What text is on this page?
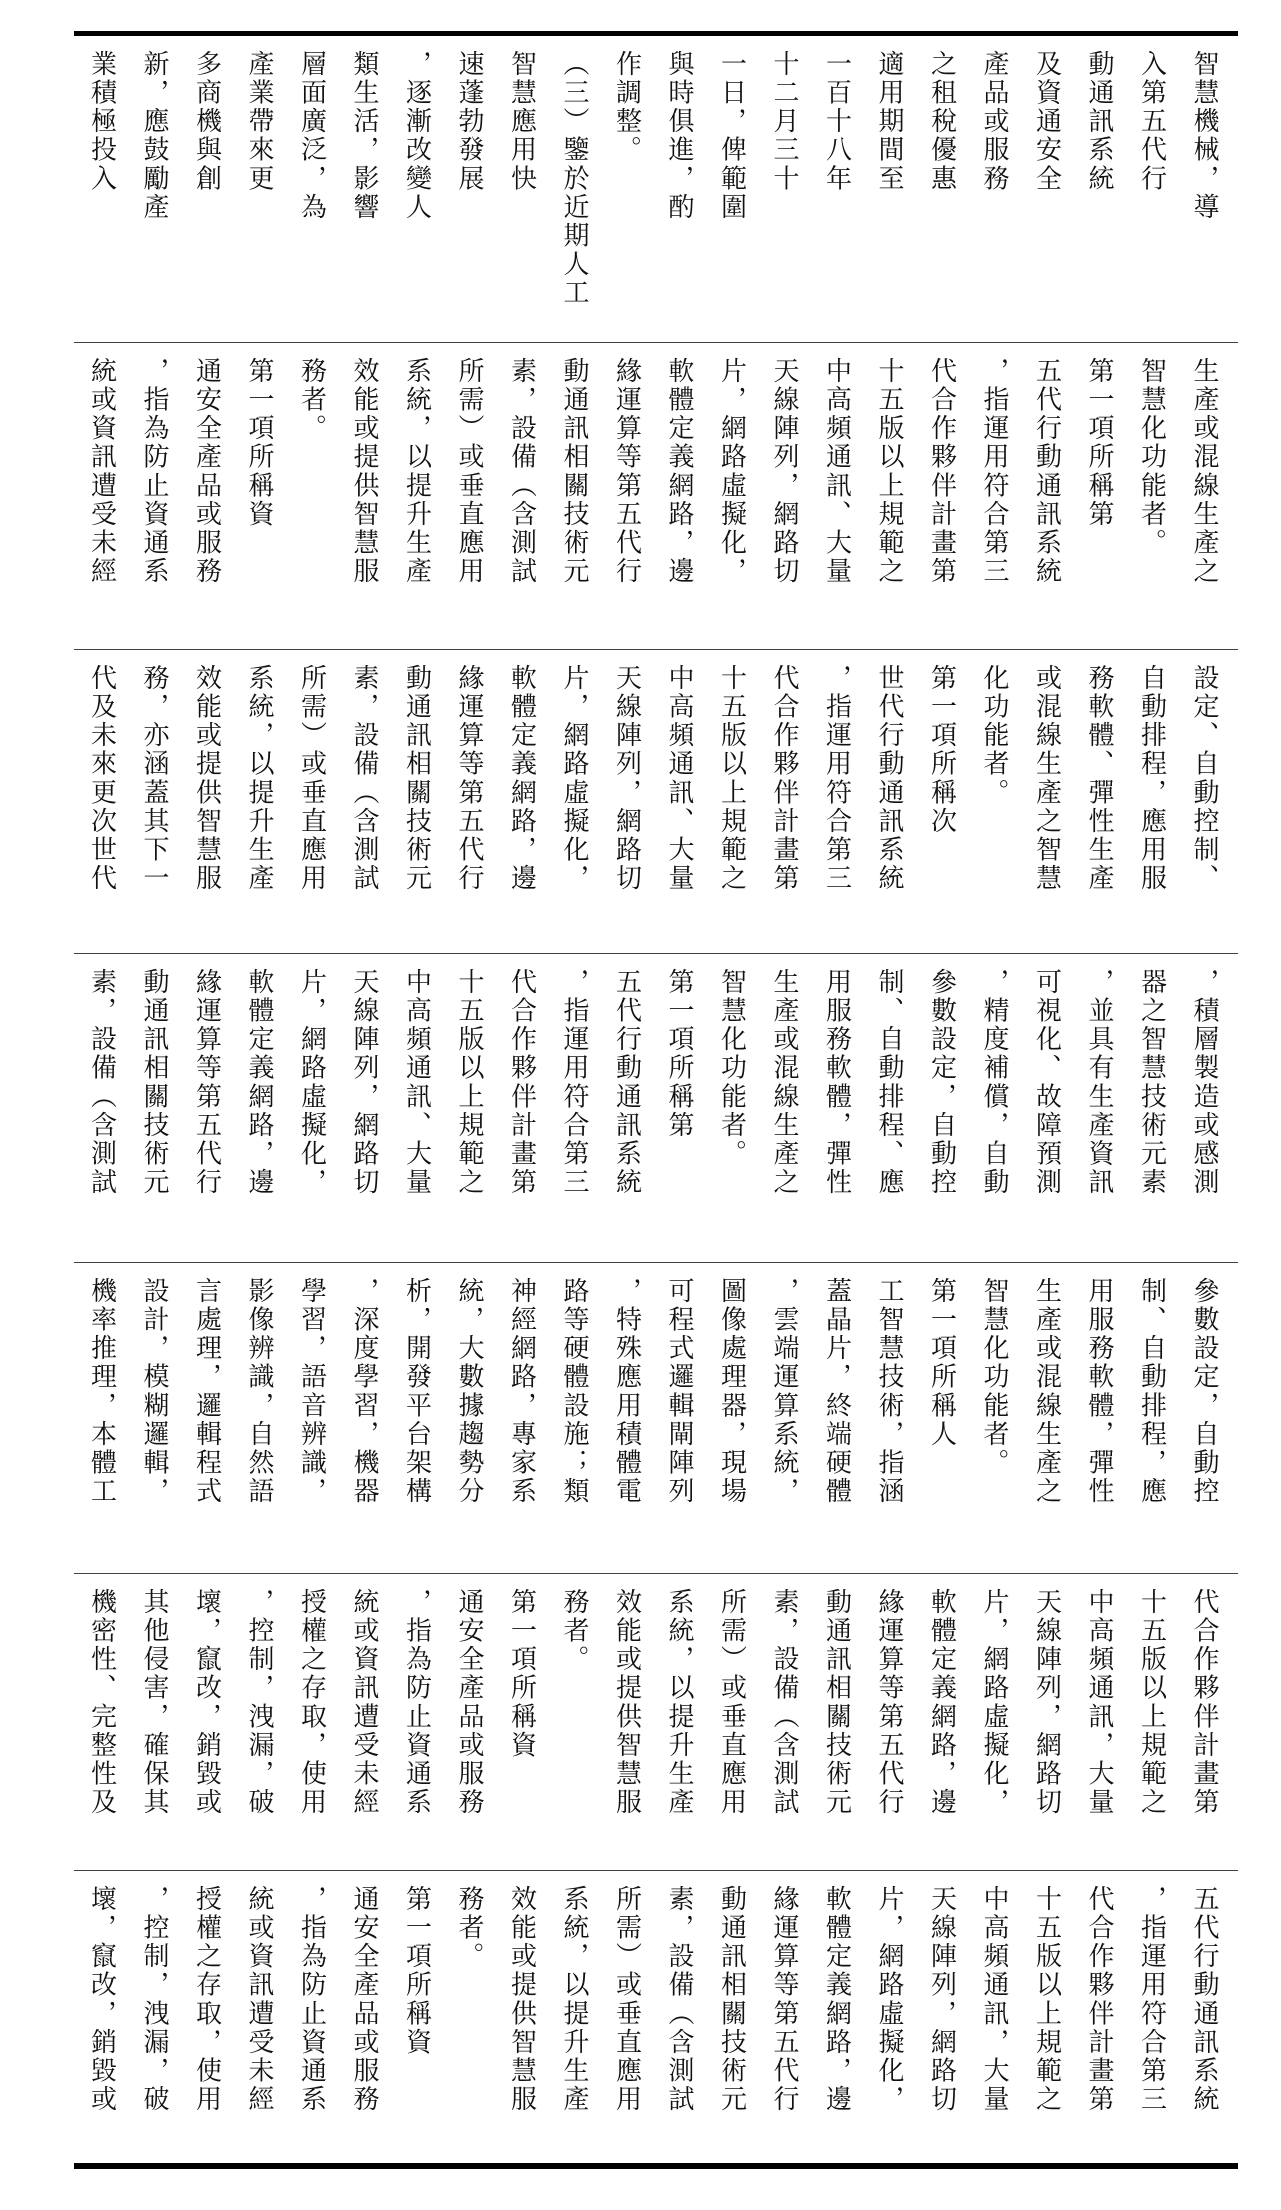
智慧機械，導
入第五代行
動通訊系統
及資通安全
產品或服務
之租稅優惠
適用期間至
一百十八年
十二月三十
一日，俾範圍
與時俱進，酌
作調整。
（三）鑒於近期人工
智慧應用快
速蓬勃發展
，逐漸改變人
類生活，影響
層面廣泛，為
產業帶來更
多商機與創
新，應鼓勵產
業積極投入
生產或混線生產之
智慧化功能者。
第一項所稱第
五代行動通訊系統
，指運用符合第三
代合作夥伴計畫第
十五版以上規範之
中高頻通訊、大量
天線陣列，網路切
片，網路虛擬化，
軟體定義網路，邊
緣運算等第五代行
動通訊相關技術元
素，設備（含測試
所需）或垂直應用
系統，以提升生產
效能或提供智慧服
務者。
第一項所稱資
通安全產品或服務
，指為防止資通系
統或資訊遭受未經
設定、自動控制、
自動排程，應用服
務軟體、彈性生產
或混線生產之智慧
化功能者。
第一項所稱次
世代行動通訊系統
，指運用符合第三
代合作夥伴計畫第
十五版以上規範之
中高頻通訊、大量
天線陣列，網路切
片，網路虛擬化，
軟體定義網路，邊
緣運算等第五代行
動通訊相關技術元
素，設備（含測試
所需）或垂直應用
系統，以提升生產
效能或提供智慧服
務，亦涵蓋其下一
代及未來更次世代
，積層製造或感測
器之智慧技術元素
，並具有生產資訊
可視化、故障預測
，精度補償，自動
參數設定，自動控
制、自動排程、應
用服務軟體，彈性
生產或混線生產之
智慧化功能者。
第一項所稱第
五代行動通訊系統
，指運用符合第三
代合作夥伴計畫第
十五版以上規範之
中高頻通訊、大量
天線陣列，網路切
片，網路虛擬化，
軟體定義網路，邊
緣運算等第五代行
動通訊相關技術元
素，設備（含測試
參數設定，自動控
制、自動排程，應
用服務軟體，彈性
生產或混線生產之
智慧化功能者。
第一項所稱人
工智慧技術，指涵
蓋晶片，終端硬體
，雲端運算系統，
圖像處理器，現場
可程式邏輯閘陣列
，特殊應用積體電
路等硬體設施；類
神經網路，專家系
統，大數據趨勢分
析，開發平台架構
，深度學習，機器
學習，語音辨識，
影像辨識，自然語
言處理，邏輯程式
設計，模糊邏輯，
機率推理，本體工
代合作夥伴計畫第
十五版以上規範之
中高頻通訊，大量
天線陣列，網路切
片，網路虛擬化，
軟體定義網路，邊
緣運算等第五代行
動通訊相關技術元
素，設備（含測試
所需）或垂直應用
系統，以提升生產
效能或提供智慧服
務者。
第一項所稱資
通安全產品或服務
，指為防止資通系
統或資訊遭受未經
授權之存取，使用
，控制，洩漏，破
壞，竄改，銷毀或
其他侵害，確保其
機密性、完整性及
五代行動通訊系統
，指運用符合第三
代合作夥伴計畫第
十五版以上規範之
中高頻通訊，大量
天線陣列，網路切
片，網路虛擬化，
軟體定義網路，邊
緣運算等第五代行
動通訊相關技術元
素，設備（含測試
所需）或垂直應用
系統，以提升生產
效能或提供智慧服
務者。
第一項所稱資
通安全產品或服務
，指為防止資通系
統或資訊遭受未經
授權之存取，使用
，控制，洩漏，破
壞，竄改，銷毀或
